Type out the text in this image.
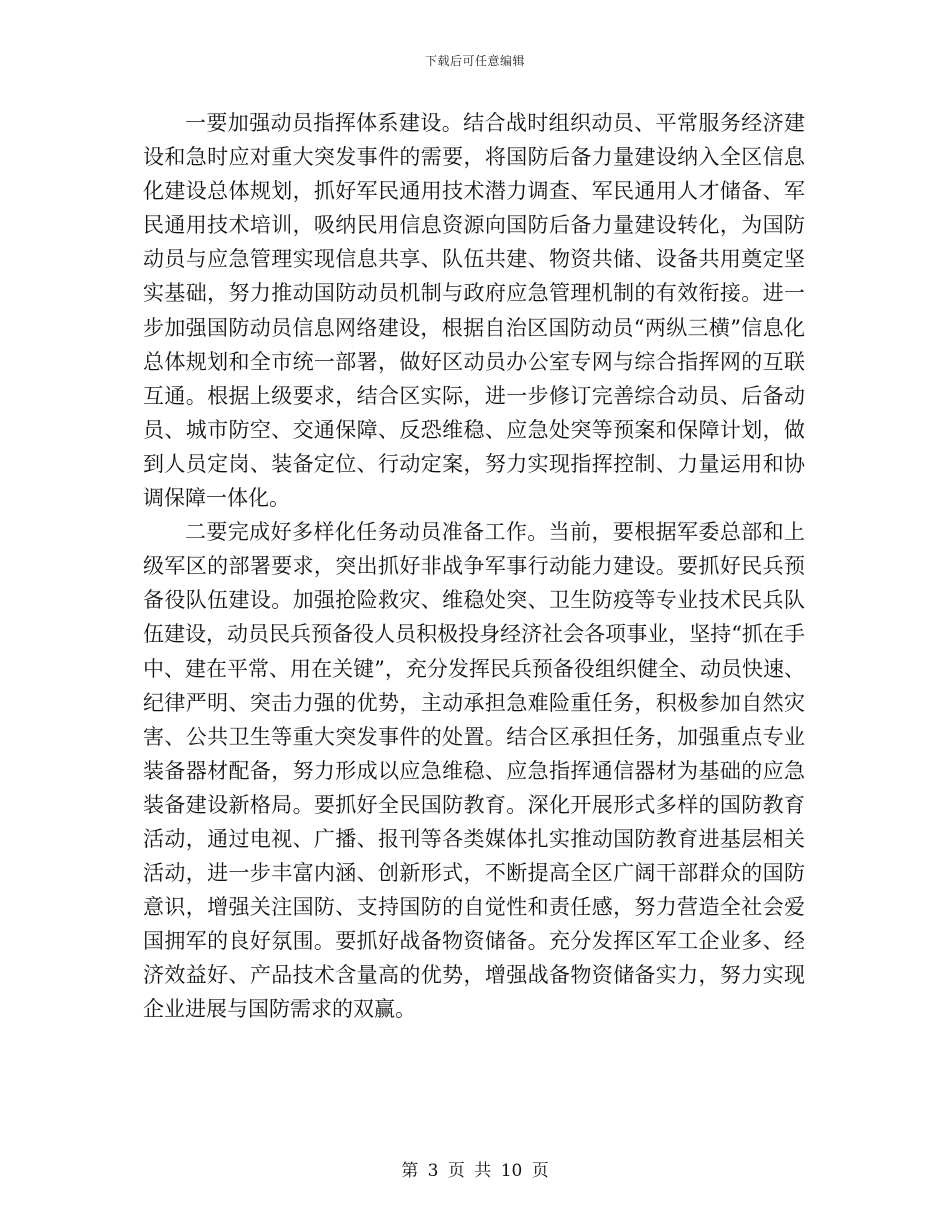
下载后可任意编辑

一要加强动员指挥体系建设。结合战时组织动员、平常服务经济建设和急时应对重大突发事件的需要，将国防后备力量建设纳入全区信息化建设总体规划，抓好军民通用技术潜力调查、军民通用人才储备、军民通用技术培训，吸纳民用信息资源向国防后备力量建设转化，为国防动员与应急管理实现信息共享、队伍共建、物资共储、设备共用奠定坚实基础，努力推动国防动员机制与政府应急管理机制的有效衔接。进一步加强国防动员信息网络建设，根据自治区国防动员“两纵三横”信息化总体规划和全市统一部署，做好区动员办公室专网与综合指挥网的互联互通。根据上级要求，结合区实际，进一步修订完善综合动员、后备动员、城市防空、交通保障、反恐维稳、应急处突等预案和保障计划，做到人员定岗、装备定位、行动定案，努力实现指挥控制、力量运用和协调保障一体化。

二要完成好多样化任务动员准备工作。当前，要根据军委总部和上级军区的部署要求，突出抓好非战争军事行动能力建设。要抓好民兵预备役队伍建设。加强抢险救灾、维稳处突、卫生防疫等专业技术民兵队伍建设，动员民兵预备役人员积极投身经济社会各项事业，坚持“抓在手中、建在平常、用在关键”，充分发挥民兵预备役组织健全、动员快速、纪律严明、突击力强的优势，主动承担急难险重任务，积极参加自然灾害、公共卫生等重大突发事件的处置。结合区承担任务，加强重点专业装备器材配备，努力形成以应急维稳、应急指挥通信器材为基础的应急装备建设新格局。要抓好全民国防教育。深化开展形式多样的国防教育活动，通过电视、广播、报刊等各类媒体扎实推动国防教育进基层相关活动，进一步丰富内涵、创新形式，不断提高全区广阔干部群众的国防意识，增强关注国防、支持国防的自觉性和责任感，努力营造全社会爱国拥军的良好氛围。要抓好战备物资储备。充分发挥区军工企业多、经济效益好、产品技术含量高的优势，增强战备物资储备实力，努力实现企业进展与国防需求的双赢。

第 3 页 共 10 页
